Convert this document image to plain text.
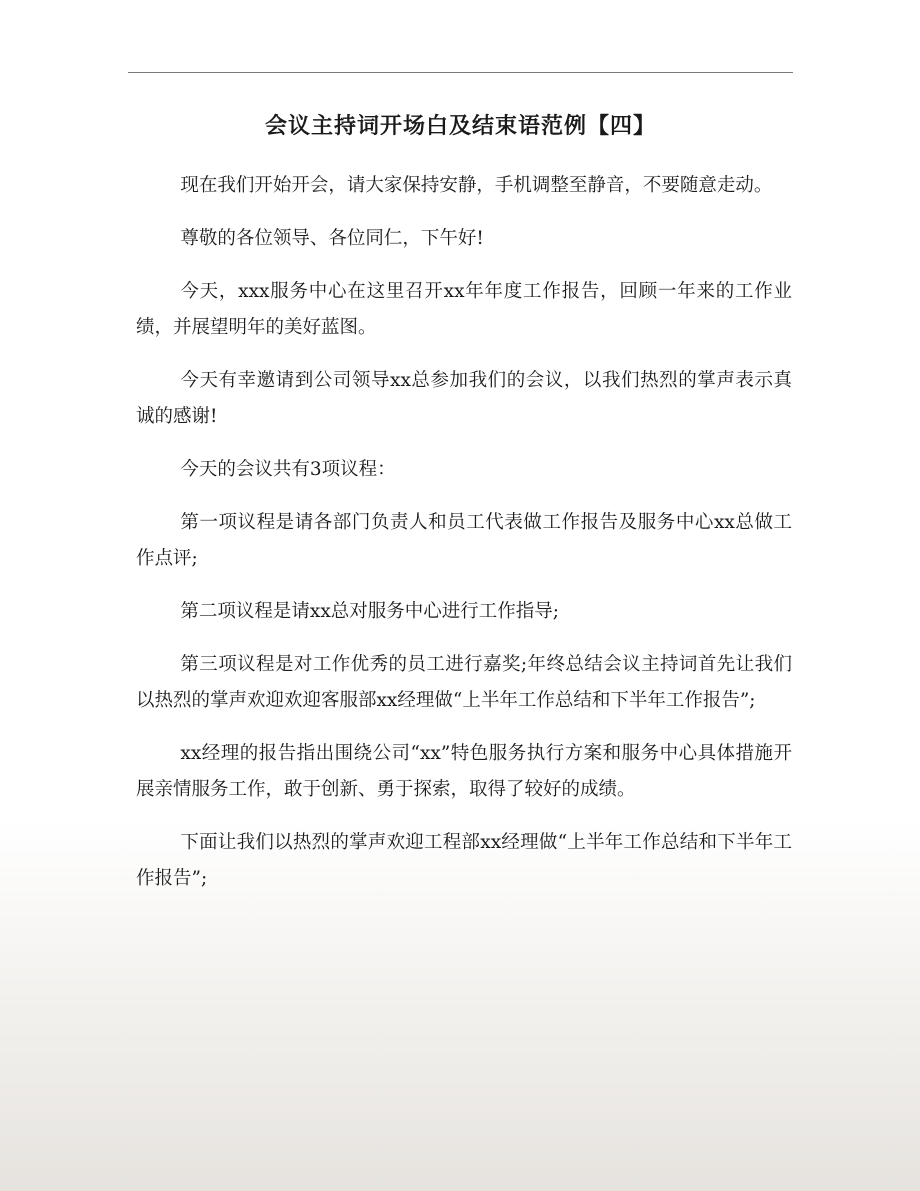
会议主持词开场白及结束语范例【四】

现在我们开始开会，请大家保持安静，手机调整至静音，不要随意走动。

尊敬的各位领导、各位同仁，下午好!

今天，xxx服务中心在这里召开xx年年度工作报告，回顾一年来的工作业绩，并展望明年的美好蓝图。

今天有幸邀请到公司领导xx总参加我们的会议，以我们热烈的掌声表示真诚的感谢!

今天的会议共有3项议程：

第一项议程是请各部门负责人和员工代表做工作报告及服务中心xx总做工作点评;

第二项议程是请xx总对服务中心进行工作指导;

第三项议程是对工作优秀的员工进行嘉奖;年终总结会议主持词首先让我们以热烈的掌声欢迎欢迎客服部xx经理做“上半年工作总结和下半年工作报告”;

xx经理的报告指出围绕公司“xx”特色服务执行方案和服务中心具体措施开展亲情服务工作，敢于创新、勇于探索，取得了较好的成绩。

下面让我们以热烈的掌声欢迎工程部xx经理做“上半年工作总结和下半年工作报告”;
